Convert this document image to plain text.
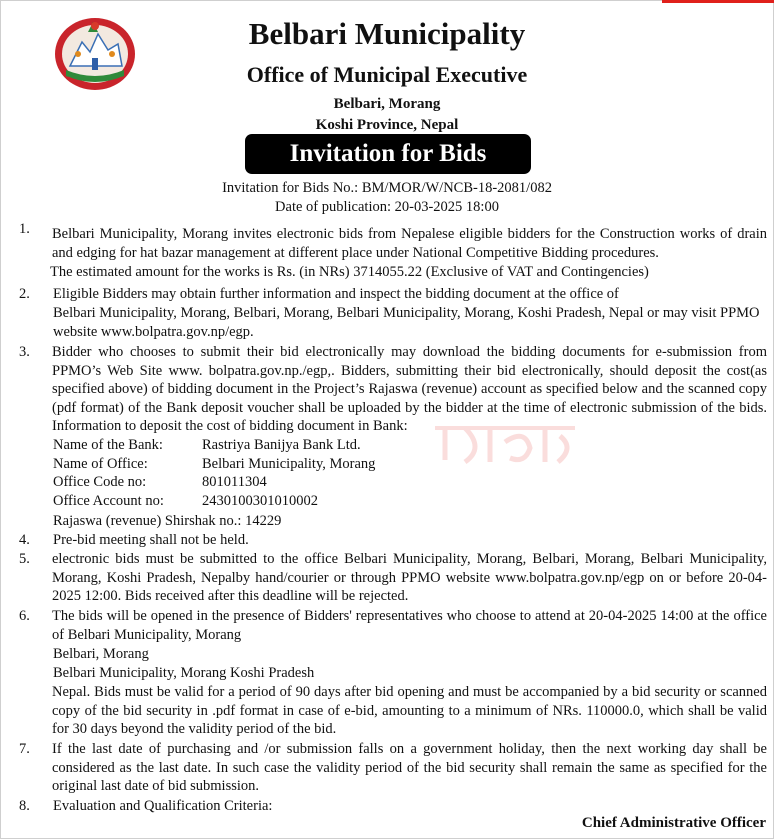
Belbari Municipality
Office of Municipal Executive
Belbari, Morang
Koshi Province, Nepal
Invitation for Bids
Invitation for Bids No.: BM/MOR/W/NCB-18-2081/082
Date of publication: 20-03-2025 18:00
1. Belbari Municipality, Morang invites electronic bids from Nepalese eligible bidders for the Construction works of drain and edging for hat bazar management at different place under National Competitive Bidding procedures.
The estimated amount for the works is Rs. (in NRs) 3714055.22 (Exclusive of VAT and Contingencies)
2. Eligible Bidders may obtain further information and inspect the bidding document at the office of
Belbari Municipality, Morang, Belbari, Morang, Belbari Municipality, Morang, Koshi Pradesh, Nepal or may visit PPMO website www.bolpatra.gov.np/egp.
3. Bidder who chooses to submit their bid electronically may download the bidding documents for e-submission from PPMO’s Web Site www. bolpatra.gov.np./egp,. Bidders, submitting their bid electronically, should deposit the cost(as specified above) of bidding document in the Project’s Rajaswa (revenue) account as specified below and the scanned copy (pdf format) of the Bank deposit voucher shall be uploaded by the bidder at the time of electronic submission of the bids. Information to deposit the cost of bidding document in Bank:
Name of the Bank:	Rastriya Banijya Bank Ltd.
Name of Office:	Belbari Municipality, Morang
Office Code no:	801011304
Office Account no:	2430100301010002
Rajaswa (revenue) Shirshak no.: 14229
4. Pre-bid meeting shall not be held.
5. electronic bids must be submitted to the office Belbari Municipality, Morang, Belbari, Morang, Belbari Municipality, Morang, Koshi Pradesh, Nepalby hand/courier or through PPMO website www.bolpatra.gov.np/egp on or before 20-04-2025 12:00. Bids received after this deadline will be rejected.
6. The bids will be opened in the presence of Bidders' representatives who choose to attend at 20-04-2025 14:00 at the office of Belbari Municipality, Morang
Belbari, Morang
Belbari Municipality, Morang Koshi Pradesh
Nepal. Bids must be valid for a period of 90 days after bid opening and must be accompanied by a bid security or scanned copy of the bid security in .pdf format in case of e-bid, amounting to a minimum of NRs. 110000.0, which shall be valid for 30 days beyond the validity period of the bid.
7. If the last date of purchasing and /or submission falls on a government holiday, then the next working day shall be considered as the last date. In such case the validity period of the bid security shall remain the same as specified for the original last date of bid submission.
8. Evaluation and Qualification Criteria:
Chief Administrative Officer
